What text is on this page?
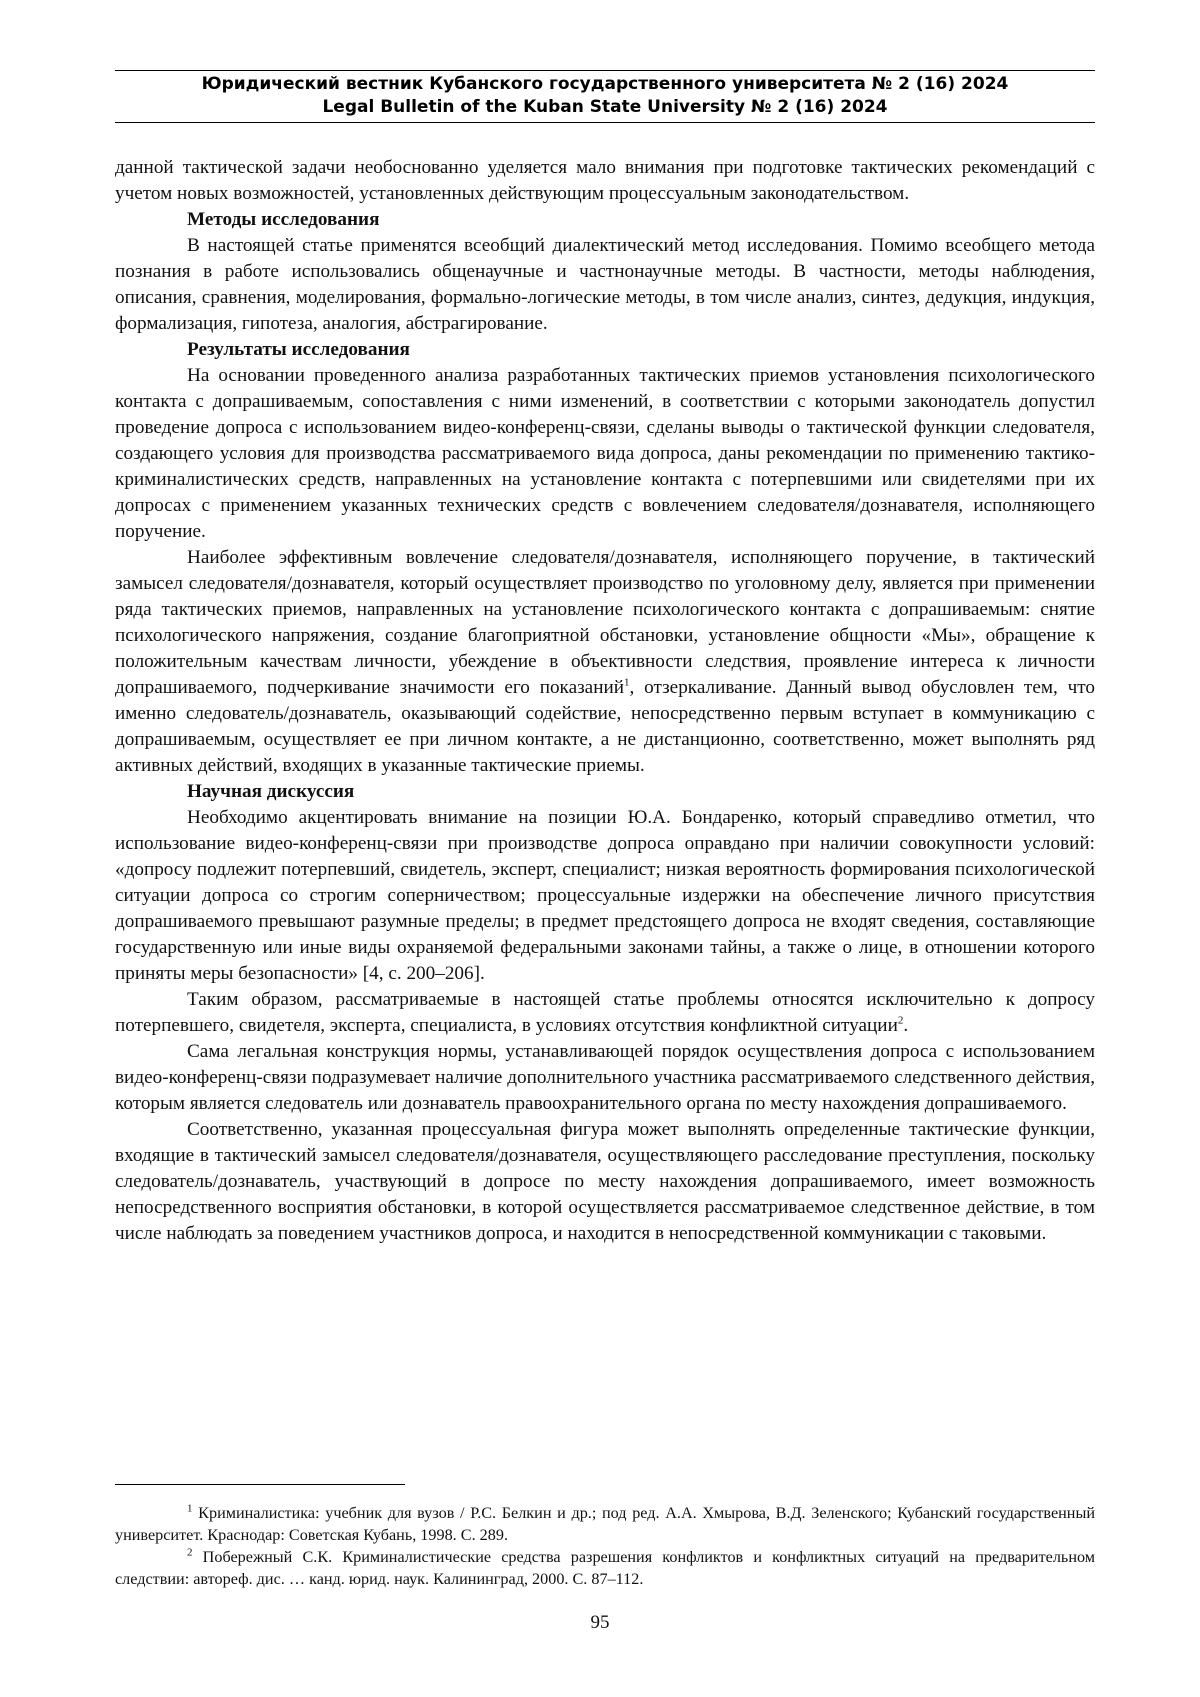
Юридический вестник Кубанского государственного университета № 2 (16) 2024
Legal Bulletin of the Kuban State University № 2 (16) 2024

данной тактической задачи необоснованно уделяется мало внимания при подготовке тактических рекомендаций с учетом новых возможностей, установленных действующим процессуальным законодательством.

Методы исследования

В настоящей статье применятся всеобщий диалектический метод исследования. Помимо всеобщего метода познания в работе использовались общенаучные и частнонаучные методы. В частности, методы наблюдения, описания, сравнения, моделирования, формально-логические методы, в том числе анализ, синтез, дедукция, индукция, формализация, гипотеза, аналогия, абстрагирование.

Результаты исследования

На основании проведенного анализа разработанных тактических приемов установления психологического контакта с допрашиваемым, сопоставления с ними изменений, в соответствии с которыми законодатель допустил проведение допроса с использованием видео-конференц-связи, сделаны выводы о тактической функции следователя, создающего условия для производства рассматриваемого вида допроса, даны рекомендации по применению тактико-криминалистических средств, направленных на установление контакта с потерпевшими или свидетелями при их допросах с применением указанных технических средств с вовлечением следователя/дознавателя, исполняющего поручение.

Наиболее эффективным вовлечение следователя/дознавателя, исполняющего поручение, в тактический замысел следователя/дознавателя, который осуществляет производство по уголовному делу, является при применении ряда тактических приемов, направленных на установление психологического контакта с допрашиваемым: снятие психологического напряжения, создание благоприятной обстановки, установление общности «Мы», обращение к положительным качествам личности, убеждение в объективности следствия, проявление интереса к личности допрашиваемого, подчеркивание значимости его показаний$^1$, отзеркаливание. Данный вывод обусловлен тем, что именно следователь/дознаватель, оказывающий содействие, непосредственно первым вступает в коммуникацию с допрашиваемым, осуществляет ее при личном контакте, а не дистанционно, соответственно, может выполнять ряд активных действий, входящих в указанные тактические приемы.

Научная дискуссия

Необходимо акцентировать внимание на позиции Ю.А. Бондаренко, который справедливо отметил, что использование видео-конференц-связи при производстве допроса оправдано при наличии совокупности условий: «допросу подлежит потерпевший, свидетель, эксперт, специалист; низкая вероятность формирования психологической ситуации допроса со строгим соперничеством; процессуальные издержки на обеспечение личного присутствия допрашиваемого превышают разумные пределы; в предмет предстоящего допроса не входят сведения, составляющие государственную или иные виды охраняемой федеральными законами тайны, а также о лице, в отношении которого приняты меры безопасности» [4, с. 200–206].

Таким образом, рассматриваемые в настоящей статье проблемы относятся исключительно к допросу потерпевшего, свидетеля, эксперта, специалиста, в условиях отсутствия конфликтной ситуации$^2$.

Сама легальная конструкция нормы, устанавливающей порядок осуществления допроса с использованием видео-конференц-связи подразумевает наличие дополнительного участника рассматриваемого следственного действия, которым является следователь или дознаватель правоохранительного органа по месту нахождения допрашиваемого.

Соответственно, указанная процессуальная фигура может выполнять определенные тактические функции, входящие в тактический замысел следователя/дознавателя, осуществляющего расследование преступления, поскольку следователь/дознаватель, участвующий в допросе по месту нахождения допрашиваемого, имеет возможность непосредственного восприятия обстановки, в которой осуществляется рассматриваемое следственное действие, в том числе наблюдать за поведением участников допроса, и находится в непосредственной коммуникации с таковыми.

$^1$ Криминалистика: учебник для вузов / Р.С. Белкин и др.; под ред. А.А. Хмырова, В.Д. Зеленского; Кубанский государственный университет. Краснодар: Советская Кубань, 1998. С. 289.

$^2$ Побережный С.К. Криминалистические средства разрешения конфликтов и конфликтных ситуаций на предварительном следствии: автореф. дис. … канд. юрид. наук. Калининград, 2000. С. 87–112.

95
